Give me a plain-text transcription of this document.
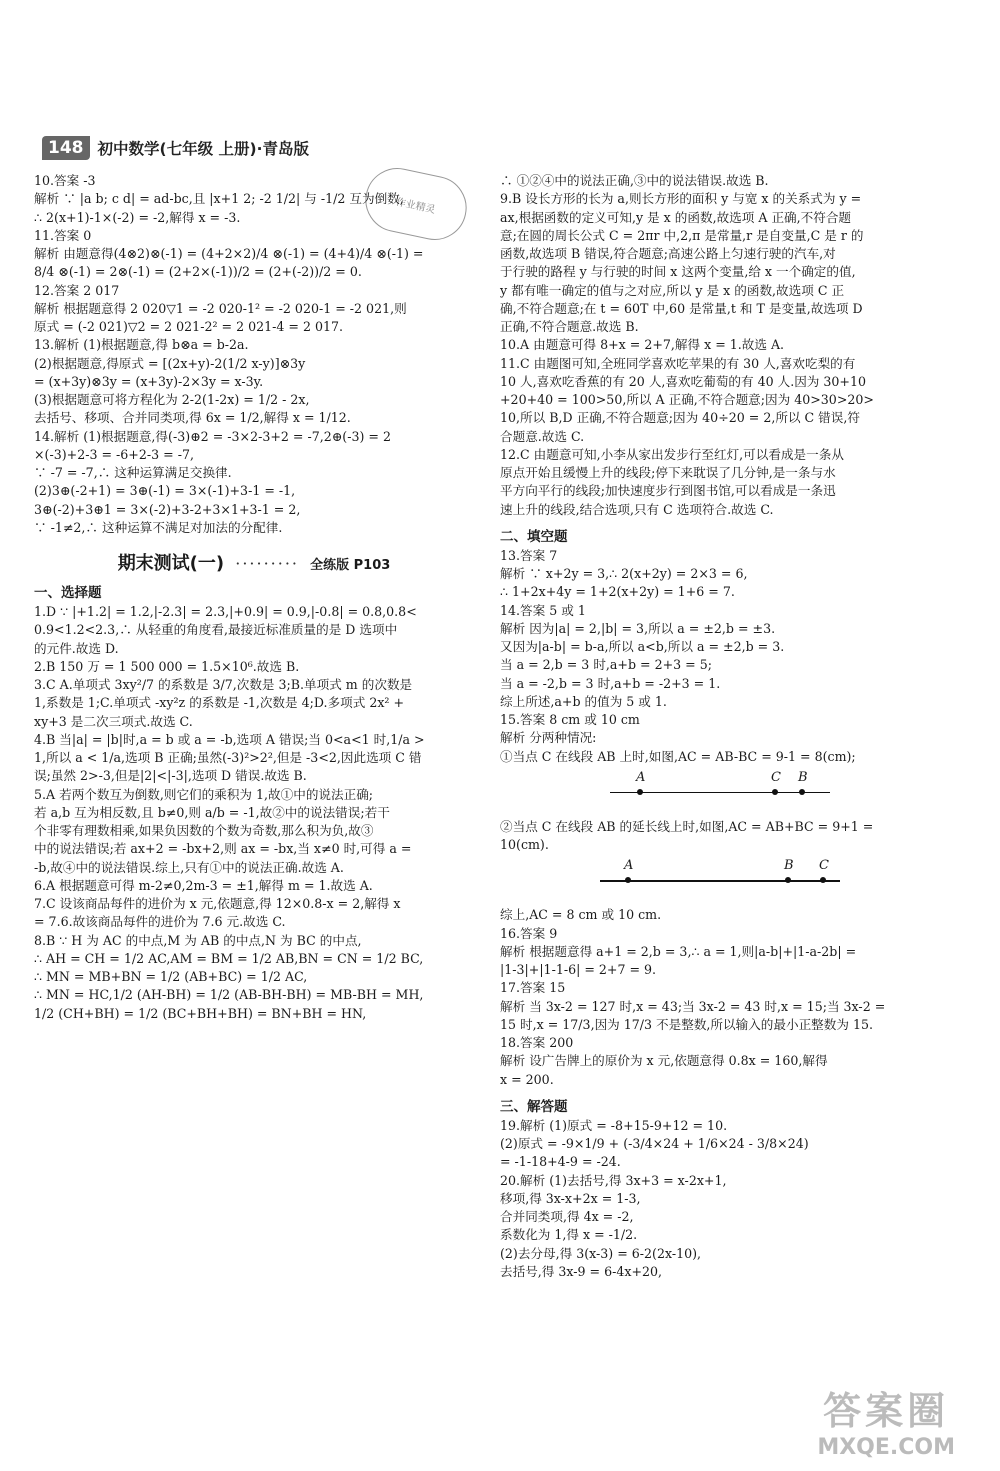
148 初中数学(七年级 上册)·青岛版
作业精灵

10.答案 -3

解析 ∵ |a b; c d| = ad-bc,且 |x+1 2; -2 1/2| 与 -1/2 互为倒数,

∴ 2(x+1)-1×(-2) = -2,解得 x = -3.

11.答案 0

解析 由题意得(4⊗2)⊗(-1) = (4+2×2)/4 ⊗(-1) = (4+4)/4 ⊗(-1) =

8/4 ⊗(-1) = 2⊗(-1) = (2+2×(-1))/2 = (2+(-2))/2 = 0.

12.答案 2 017

解析 根据题意得 2 020▽1 = -2 020-1² = -2 020-1 = -2 021,则

原式 = (-2 021)▽2 = 2 021-2² = 2 021-4 = 2 017.

13.解析 (1)根据题意,得 b⊗a = b-2a.

(2)根据题意,得原式 = [(2x+y)-2(1/2 x-y)]⊗3y

= (x+3y)⊗3y = (x+3y)-2×3y = x-3y.

(3)根据题意可将方程化为 2-2(1-2x) = 1/2 - 2x,

去括号、移项、合并同类项,得 6x = 1/2,解得 x = 1/12.

14.解析 (1)根据题意,得(-3)⊕2 = -3×2-3+2 = -7,2⊕(-3) = 2

×(-3)+2-3 = -6+2-3 = -7,

∵ -7 = -7,∴ 这种运算满足交换律.

(2)3⊕(-2+1) = 3⊕(-1) = 3×(-1)+3-1 = -1,

3⊕(-2)+3⊕1 = 3×(-2)+3-2+3×1+3-1 = 2,

∵ -1≠2,∴ 这种运算不满足对加法的分配律.

期末测试(一) ········· 全练版 P103
一、选择题

1.D ∵ |+1.2| = 1.2,|-2.3| = 2.3,|+0.9| = 0.9,|-0.8| = 0.8,0.8<

0.9<1.2<2.3,∴ 从轻重的角度看,最接近标准质量的是 D 选项中

的元件.故选 D.

2.B 150 万 = 1 500 000 = 1.5×10⁶.故选 B.

3.C A.单项式 3xy²/7 的系数是 3/7,次数是 3;B.单项式 m 的次数是

1,系数是 1;C.单项式 -xy²z 的系数是 -1,次数是 4;D.多项式 2x² +

xy+3 是二次三项式.故选 C.

4.B 当|a| = |b|时,a = b 或 a = -b,选项 A 错误;当 0<a<1 时,1/a >

1,所以 a < 1/a,选项 B 正确;虽然(-3)²>2²,但是 -3<2,因此选项 C 错

误;虽然 2>-3,但是|2|<|-3|,选项 D 错误.故选 B.

5.A 若两个数互为倒数,则它们的乘积为 1,故①中的说法正确;

若 a,b 互为相反数,且 b≠0,则 a/b = -1,故②中的说法错误;若干

个非零有理数相乘,如果负因数的个数为奇数,那么积为负,故③

中的说法错误;若 ax+2 = -bx+2,则 ax = -bx,当 x≠0 时,可得 a =

-b,故④中的说法错误.综上,只有①中的说法正确.故选 A.

6.A 根据题意可得 m-2≠0,2m-3 = ±1,解得 m = 1.故选 A.

7.C 设该商品每件的进价为 x 元,依题意,得 12×0.8-x = 2,解得 x

= 7.6.故该商品每件的进价为 7.6 元.故选 C.

8.B ∵ H 为 AC 的中点,M 为 AB 的中点,N 为 BC 的中点,

∴ AH = CH = 1/2 AC,AM = BM = 1/2 AB,BN = CN = 1/2 BC,

∴ MN = MB+BN = 1/2 (AB+BC) = 1/2 AC,

∴ MN = HC,1/2 (AH-BH) = 1/2 (AB-BH-BH) = MB-BH = MH,

1/2 (CH+BH) = 1/2 (BC+BH+BH) = BN+BH = HN,

∴ ①②④中的说法正确,③中的说法错误.故选 B.

9.B 设长方形的长为 a,则长方形的面积 y 与宽 x 的关系式为 y =

ax,根据函数的定义可知,y 是 x 的函数,故选项 A 正确,不符合题

意;在圆的周长公式 C = 2πr 中,2,π 是常量,r 是自变量,C 是 r 的

函数,故选项 B 错误,符合题意;高速公路上匀速行驶的汽车,对

于行驶的路程 y 与行驶的时间 x 这两个变量,给 x 一个确定的值,

y 都有唯一确定的值与之对应,所以 y 是 x 的函数,故选项 C 正

确,不符合题意;在 t = 60T 中,60 是常量,t 和 T 是变量,故选项 D

正确,不符合题意.故选 B.

10.A 由题意可得 8+x = 2+7,解得 x = 1.故选 A.

11.C 由题图可知,全班同学喜欢吃苹果的有 30 人,喜欢吃梨的有

10 人,喜欢吃香蕉的有 20 人,喜欢吃葡萄的有 40 人.因为 30+10

+20+40 = 100>50,所以 A 正确,不符合题意;因为 40>30>20>

10,所以 B,D 正确,不符合题意;因为 40÷20 = 2,所以 C 错误,符

合题意.故选 C.

12.C 由题意可知,小李从家出发步行至红灯,可以看成是一条从

原点开始且缓慢上升的线段;停下来耽误了几分钟,是一条与水

平方向平行的线段;加快速度步行到图书馆,可以看成是一条迅

速上升的线段,结合选项,只有 C 选项符合.故选 C.

二、填空题

13.答案 7

解析 ∵ x+2y = 3,∴ 2(x+2y) = 2×3 = 6,

∴ 1+2x+4y = 1+2(x+2y) = 1+6 = 7.

14.答案 5 或 1

解析 因为|a| = 2,|b| = 3,所以 a = ±2,b = ±3.

又因为|a-b| = b-a,所以 a<b,所以 a = ±2,b = 3.

当 a = 2,b = 3 时,a+b = 2+3 = 5;

当 a = -2,b = 3 时,a+b = -2+3 = 1.

综上所述,a+b 的值为 5 或 1.

15.答案 8 cm 或 10 cm

解析 分两种情况:

①当点 C 在线段 AB 上时,如图,AC = AB-BC = 9-1 = 8(cm);

A	C B

②当点 C 在线段 AB 的延长线上时,如图,AC = AB+BC = 9+1 =

10(cm).

A	B C

综上,AC = 8 cm 或 10 cm.

16.答案 9

解析 根据题意得 a+1 = 2,b = 3,∴ a = 1,则|a-b|+|1-a-2b| =

|1-3|+|1-1-6| = 2+7 = 9.

17.答案 15

解析 当 3x-2 = 127 时,x = 43;当 3x-2 = 43 时,x = 15;当 3x-2 =

15 时,x = 17/3,因为 17/3 不是整数,所以输入的最小正整数为 15.

18.答案 200

解析 设广告牌上的原价为 x 元,依题意得 0.8x = 160,解得

x = 200.

三、解答题

19.解析 (1)原式 = -8+15-9+12 = 10.

(2)原式 = -9×1/9 + (-3/4×24 + 1/6×24 - 3/8×24)

= -1-18+4-9 = -24.

20.解析 (1)去括号,得 3x+3 = x-2x+1,

移项,得 3x-x+2x = 1-3,

合并同类项,得 4x = -2,

系数化为 1,得 x = -1/2.

(2)去分母,得 3(x-3) = 6-2(2x-10),

去括号,得 3x-9 = 6-4x+20,

答案圈
MXQE.COM
